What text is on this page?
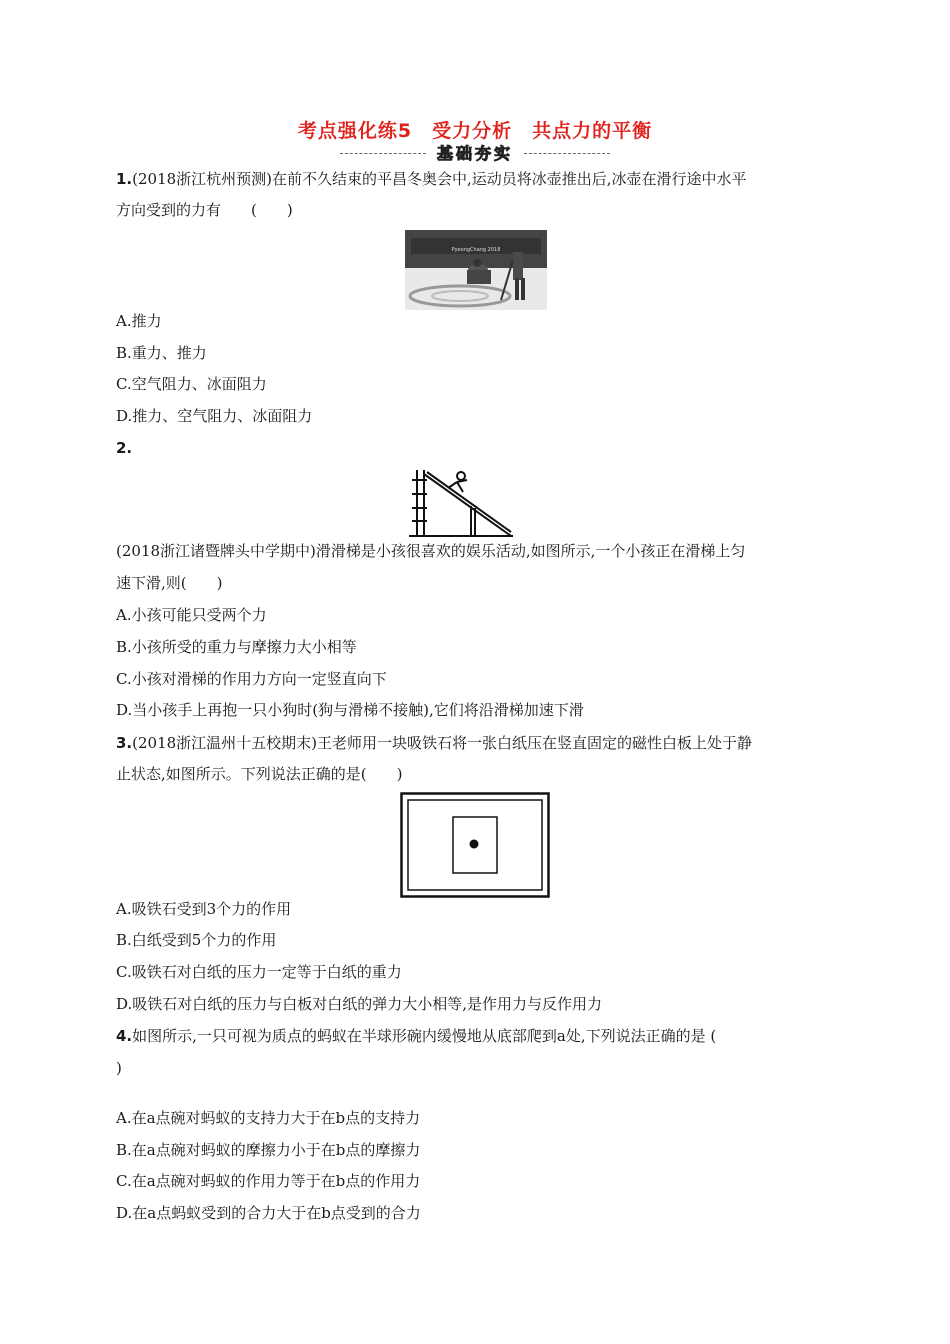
考点强化练5　受力分析　共点力的平衡
基础夯实
1.(2018浙江杭州预测)在前不久结束的平昌冬奥会中,运动员将冰壶推出后,冰壶在滑行途中水平
方向受到的力有　　(　　)
PyeongChang 2018
A.推力
B.重力、推力
C.空气阻力、冰面阻力
D.推力、空气阻力、冰面阻力
2.
(2018浙江诸暨牌头中学期中)滑滑梯是小孩很喜欢的娱乐活动,如图所示,一个小孩正在滑梯上匀
速下滑,则(　　)
A.小孩可能只受两个力
B.小孩所受的重力与摩擦力大小相等
C.小孩对滑梯的作用力方向一定竖直向下
D.当小孩手上再抱一只小狗时(狗与滑梯不接触),它们将沿滑梯加速下滑
3.(2018浙江温州十五校期末)王老师用一块吸铁石将一张白纸压在竖直固定的磁性白板上处于静
止状态,如图所示。下列说法正确的是(　　)
A.吸铁石受到3个力的作用
B.白纸受到5个力的作用
C.吸铁石对白纸的压力一定等于白纸的重力
D.吸铁石对白纸的压力与白板对白纸的弹力大小相等,是作用力与反作用力
4.如图所示,一只可视为质点的蚂蚁在半球形碗内缓慢地从底部爬到a处,下列说法正确的是 (
)
A.在a点碗对蚂蚁的支持力大于在b点的支持力
B.在a点碗对蚂蚁的摩擦力小于在b点的摩擦力
C.在a点碗对蚂蚁的作用力等于在b点的作用力
D.在a点蚂蚁受到的合力大于在b点受到的合力
